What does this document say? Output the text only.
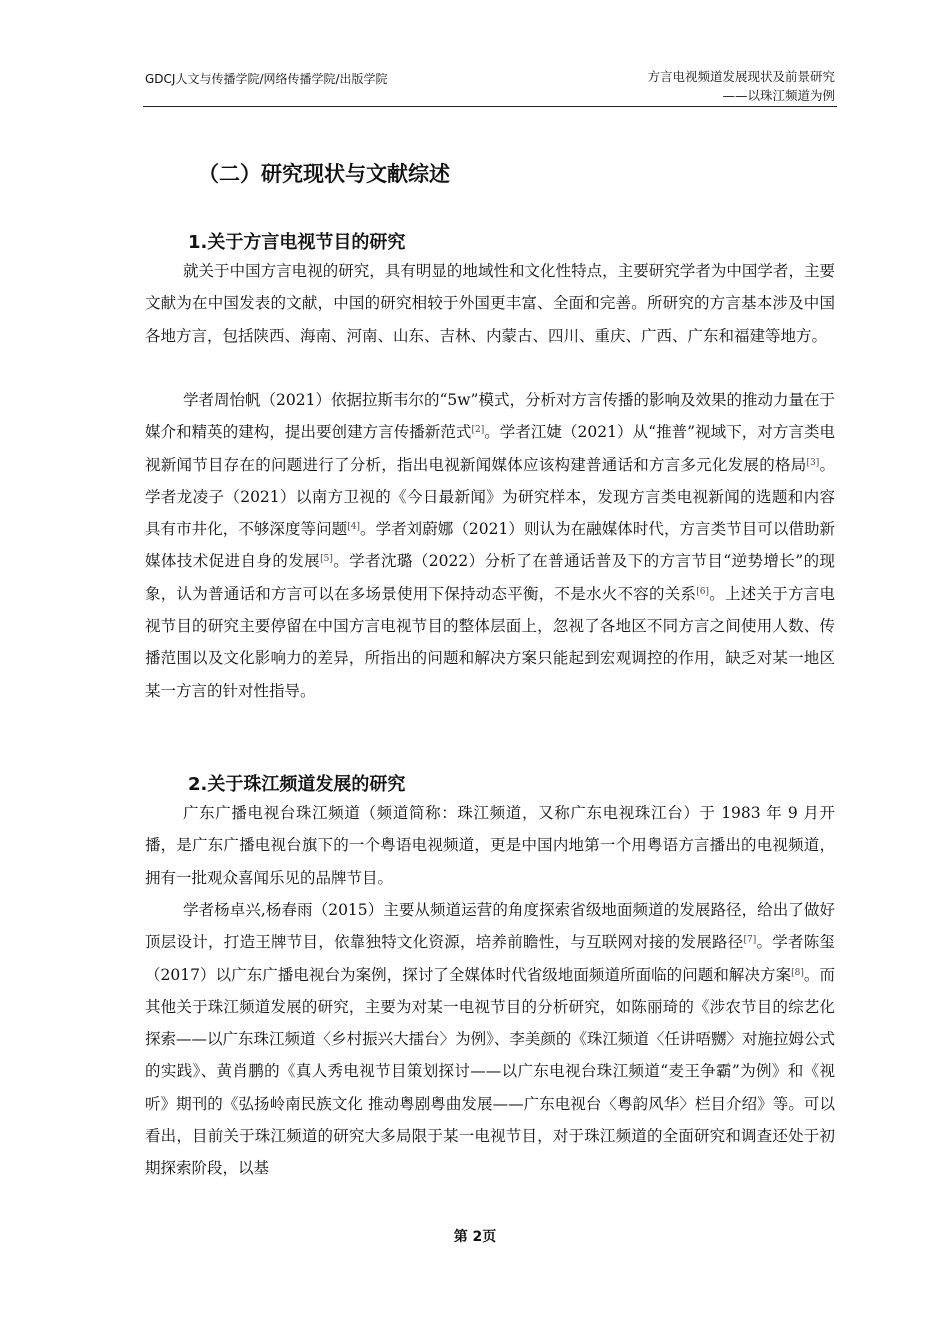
GDCJ人文与传播学院/网络传播学院/出版学院	方言电视频道发展现状及前景研究
——以珠江频道为例
（二）研究现状与文献综述
1.关于方言电视节目的研究

就关于中国方言电视的研究，具有明显的地域性和文化性特点，主要研究学者为中国学者，主要文献为在中国发表的文献，中国的研究相较于外国更丰富、全面和完善。所研究的方言基本涉及中国各地方言，包括陕西、海南、河南、山东、吉林、内蒙古、四川、重庆、广西、广东和福建等地方。

学者周怡帆（2021）依据拉斯韦尔的“5w”模式，分析对方言传播的影响及效果的推动力量在于媒介和精英的建构，提出要创建方言传播新范式[2]。学者江婕（2021）从“推普”视域下，对方言类电视新闻节目存在的问题进行了分析，指出电视新闻媒体应该构建普通话和方言多元化发展的格局[3]。学者龙凌子（2021）以南方卫视的《今日最新闻》为研究样本，发现方言类电视新闻的选题和内容具有市井化，不够深度等问题[4]。学者刘蔚娜（2021）则认为在融媒体时代，方言类节目可以借助新媒体技术促进自身的发展[5]。学者沈璐（2022）分析了在普通话普及下的方言节目“逆势增长”的现象，认为普通话和方言可以在多场景使用下保持动态平衡，不是水火不容的关系[6]。上述关于方言电视节目的研究主要停留在中国方言电视节目的整体层面上，忽视了各地区不同方言之间使用人数、传播范围以及文化影响力的差异，所指出的问题和解决方案只能起到宏观调控的作用，缺乏对某一地区某一方言的针对性指导。

2.关于珠江频道发展的研究

广东广播电视台珠江频道（频道简称：珠江频道，又称广东电视珠江台）于 1983 年 9 月开播，是广东广播电视台旗下的一个粤语电视频道，更是中国内地第一个用粤语方言播出的电视频道，拥有一批观众喜闻乐见的品牌节目。

学者杨卓兴,杨春雨（2015）主要从频道运营的角度探索省级地面频道的发展路径，给出了做好顶层设计，打造王牌节目，依靠独特文化资源，培养前瞻性，与互联网对接的发展路径[7]。学者陈玺（2017）以广东广播电视台为案例，探讨了全媒体时代省级地面频道所面临的问题和解决方案[8]。而其他关于珠江频道发展的研究，主要为对某一电视节目的分析研究，如陈丽琦的《涉农节目的综艺化探索——以广东珠江频道〈乡村振兴大擂台〉为例》、李美颜的《珠江频道〈任讲唔嬲〉对施拉姆公式的实践》、黄肖鹏的《真人秀电视节目策划探讨——以广东电视台珠江频道“麦王争霸”为例》和《视听》期刊的《弘扬岭南民族文化 推动粤剧粤曲发展——广东电视台〈粤韵风华〉栏目介绍》等。可以看出，目前关于珠江频道的研究大多局限于某一电视节目，对于珠江频道的全面研究和调查还处于初期探索阶段，以基

第 2页
